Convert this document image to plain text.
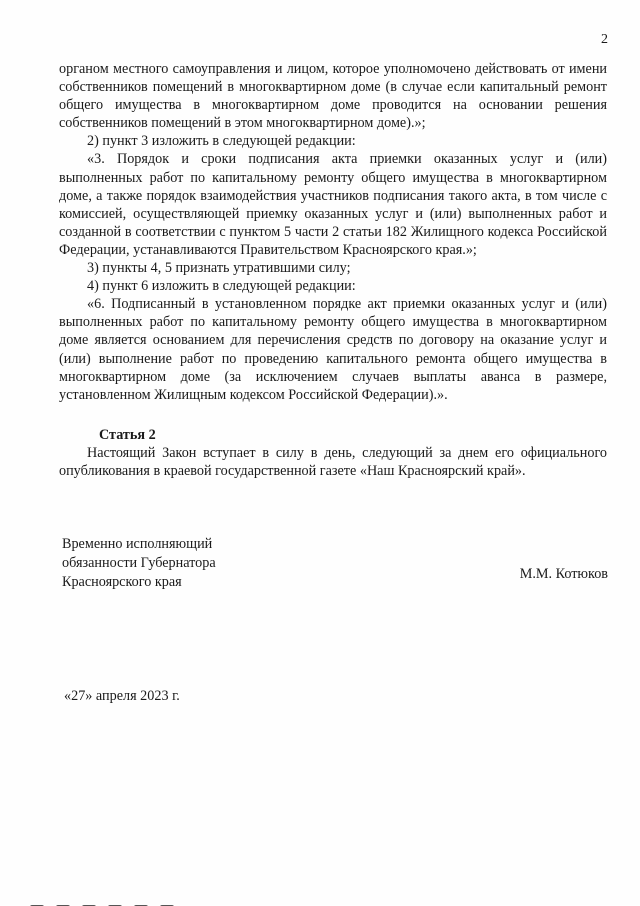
2

органом местного самоуправления и лицом, которое уполномочено действовать от имени собственников помещений в многоквартирном доме (в случае если капитальный ремонт общего имущества в многоквартирном доме проводится на основании решения собственников помещений в этом многоквартирном доме).»;

2) пункт 3 изложить в следующей редакции:

«3. Порядок и сроки подписания акта приемки оказанных услуг и (или) выполненных работ по капитальному ремонту общего имущества в многоквартирном доме, а также порядок взаимодействия участников подписания такого акта, в том числе с комиссией, осуществляющей приемку оказанных услуг и (или) выполненных работ и созданной в соответствии с пунктом 5 части 2 статьи 182 Жилищного кодекса Российской Федерации, устанавливаются Правительством Красноярского края.»;

3) пункты 4, 5 признать утратившими силу;

4) пункт 6 изложить в следующей редакции:

«6. Подписанный в установленном порядке акт приемки оказанных услуг и (или) выполненных работ по капитальному ремонту общего имущества в многоквартирном доме является основанием для перечисления средств по договору на оказание услуг и (или) выполнение работ по проведению капитального ремонта общего имущества в многоквартирном доме (за исключением случаев выплаты аванса в размере, установленном Жилищным кодексом Российской Федерации).».

Статья 2

Настоящий Закон вступает в силу в день, следующий за днем его официального опубликования в краевой государственной газете «Наш Красноярский край».

Временно исполняющий

обязанности Губернатора

Красноярского края	М.М. Котюков
«27» апреля 2023 г.
